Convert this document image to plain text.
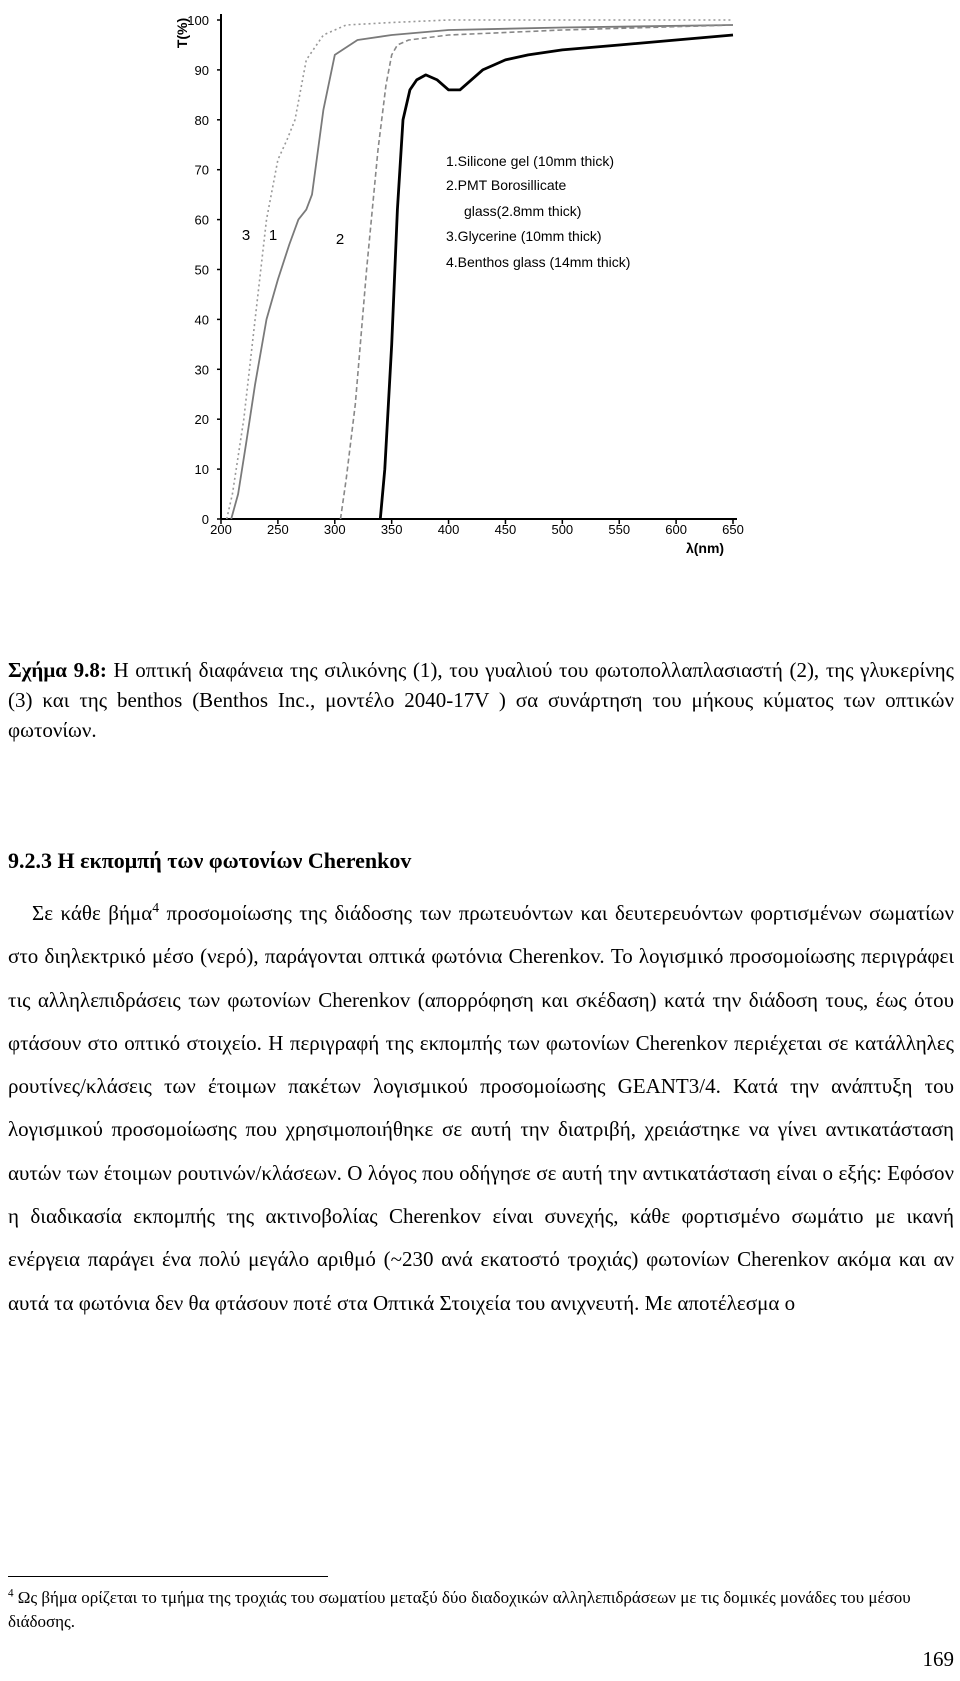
0
10
20
30
40
50
60
70
80
90
100
200	250	300	350	400	450	500	550	600	650
λ(nm)
T(%)
3 1	2
1.Silicone gel (10mm thick)
2.PMT Borosillicate
glass(2.8mm thick)
3.Glycerine (10mm thick)
4.Benthos glass (14mm thick)
Σχήμα 9.8: Η οπτική διαφάνεια της σιλικόνης (1), του γυαλιού του φωτοπολλαπλασιαστή (2), της γλυκερίνης (3) και της benthos (Benthos Inc., μοντέλο 2040-17V ) σα συνάρτηση του μήκους κύματος των οπτικών φωτονίων.
9.2.3 Η εκπομπή των φωτονίων Cherenkov

Σε κάθε βήμα$^4$ προσομοίωσης της διάδοσης των πρωτευόντων και δευτερευόντων φορτισμένων σωματίων στο διηλεκτρικό μέσο (νερό), παράγονται οπτικά φωτόνια Cherenkov. Το λογισμικό προσομοίωσης περιγράφει τις αλληλεπιδράσεις των φωτονίων Cherenkov (απορρόφηση και σκέδαση) κατά την διάδοση τους, έως ότου φτάσουν στο οπτικό στοιχείο. Η περιγραφή της εκπομπής των φωτονίων Cherenkov περιέχεται σε κατάλληλες ρουτίνες/κλάσεις των έτοιμων πακέτων λογισμικού προσομοίωσης GEANT3/4. Κατά την ανάπτυξη του λογισμικού προσομοίωσης που χρησιμοποιήθηκε σε αυτή την διατριβή, χρειάστηκε να γίνει αντικατάσταση αυτών των έτοιμων ρουτινών/κλάσεων. Ο λόγος που οδήγησε σε αυτή την αντικατάσταση είναι ο εξής: Εφόσον η διαδικασία εκπομπής της ακτινοβολίας Cherenkov είναι συνεχής, κάθε φορτισμένο σωμάτιο με ικανή ενέργεια παράγει ένα πολύ μεγάλο αριθμό (~230 ανά εκατοστό τροχιάς) φωτονίων Cherenkov ακόμα και αν αυτά τα φωτόνια δεν θα φτάσουν ποτέ στα Οπτικά Στοιχεία του ανιχνευτή. Με αποτέλεσμα ο

$^4$ Ως βήμα ορίζεται το τμήμα της τροχιάς του σωματίου μεταξύ δύο διαδοχικών αλληλεπιδράσεων με τις δομικές μονάδες του μέσου διάδοσης.
169
